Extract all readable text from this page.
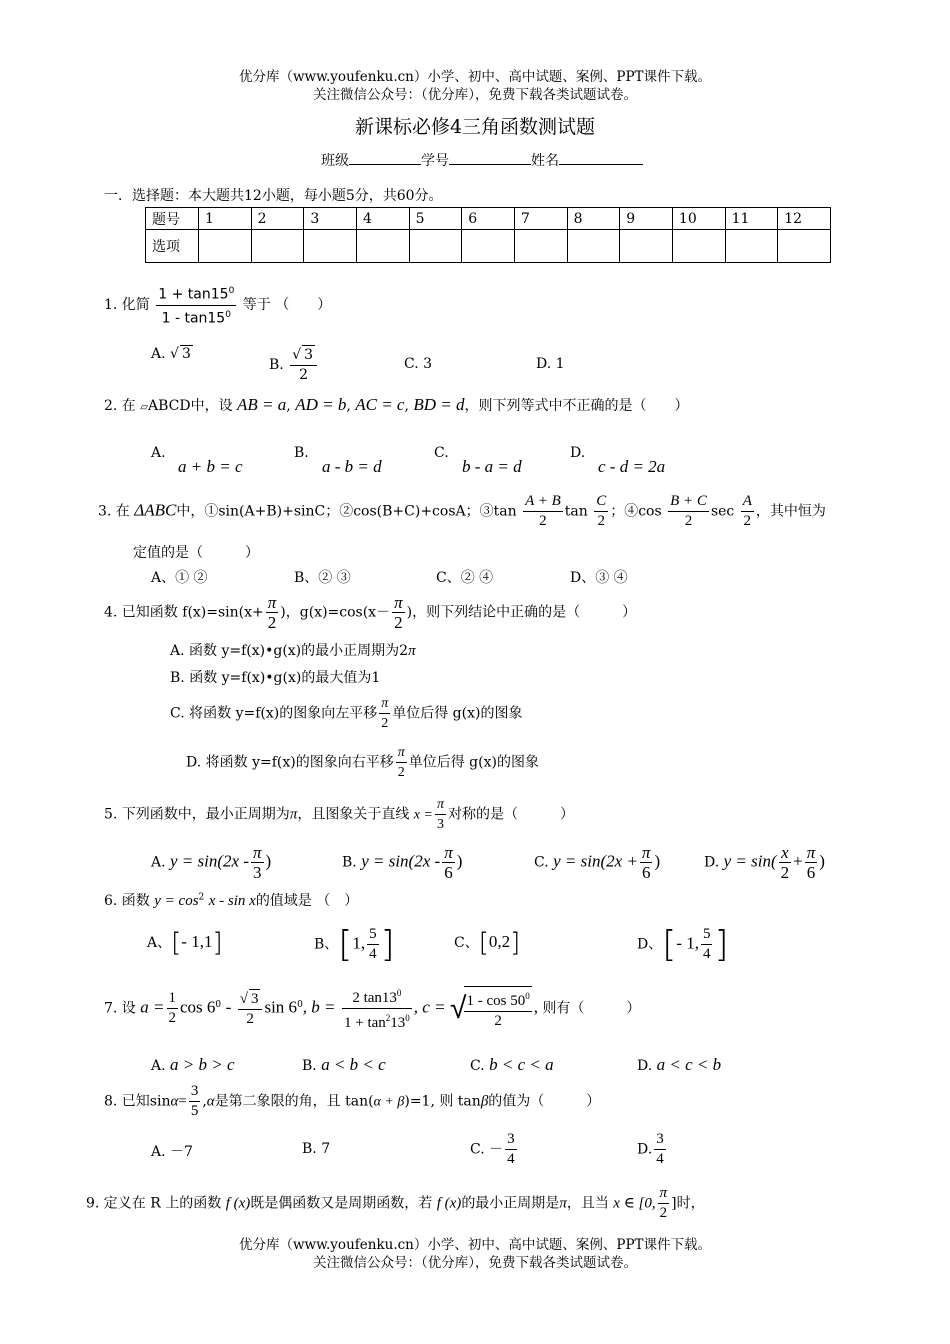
优分库（www.youfenku.cn）小学、初中、高中试题、案例、PPT课件下载。
关注微信公众号：（优分库），免费下载各类试题试卷。
新课标必修4三角函数测试题
班级	学号	姓名
一．选择题：本大题共12小题，每小题5分，共60分。
题号	1	2	3	4	5	6	7	8	9	10	11	12
选项												
1. 化简 $\frac{1 + \tan 15^0}{1 - \tan 15^0}$ 等于 （　　）
A. √ 3
B. $\frac{√ 3}{2}$	C. 3	D. 1
2. 在 ▱ABCD中，设 AB = a, AD = b, AC = c, BD = d，则下列等式中不正确的是（　　）
A.
a + b = c
B.
a - b = d
C.
b - a = d
D.
c - d = 2a
3. 在 ΔABC中，①sin(A+B)+sinC；②cos(B+C)+cosA；③tan $\frac{A + B}{2}$ $\tan \frac{C}{2}$ ；④cos $\frac{B + C}{2}$ $\sec \frac{A}{2}$ ，其中恒为
定值的是（　　　）
A、① ②	B、② ③	C、② ④	D、③ ④
4. 已知函数 $f(x)=\sin(x+ \frac{\pi}{2}$ )，$g(x)=\cos(x- \frac{\pi}{2}$ )，则下列结论中正确的是（　　　）
A. 函数 y=f(x)•g(x)的最小正周期为2π
B. 函数 y=f(x)•g(x)的最大值为1
C. 将函数 y=f(x)的图象向左平移 $\frac{\pi}{2}$ 单位后得 g(x)的图象
D. 将函数 y=f(x)的图象向右平移 $\frac{\pi}{2}$ 单位后得 g(x)的图象
5. 下列函数中，最小正周期为π，且图象关于直线 $x = \frac{\pi}{3}$ 对称的是（　　　）
A. $y = \sin(2x - \frac{\pi}{3}$ )	B. $y = \sin(2x - \frac{\pi}{6}$ )	C. $y = \sin(2x + \frac{\pi}{6}$ )	D. $y = \sin( \frac{x}{2} + \frac{\pi}{6}$ )
6. 函数 $y = \cos^2 x - \sin x$的值域是 （　）
A、[- 1,1]	B、[1, $\frac{5}{4}$ ]	C、[0,2]	D、[- 1, $\frac{5}{4}$ ]
7. 设 $a = \frac{1}{2}$ $\cos 6^0 - \frac{√ 3}{2}$ $\sin 6^0$, $b = \frac{2 \tan 13^0}{1 + \tan^213^0}$ , c = √
$\frac{1 - \cos 50^0}{2}$ , 则有（　　　）
A. a > b > c	B. a < b < c	C. b < c < a	D. a < c < b
8. 已知$\sin\alpha= \frac{3}{5} ,\alpha$是第二象限的角，且 tan(α + β)=1, 则 tanβ的值为（　　　）
A. －7	B. 7	C. － $\frac{3}{4}$	D. $\frac{3}{4}$
9. 定义在 R 上的函数 f (x)既是偶函数又是周期函数，若 f (x)的最小正周期是π，且当 x ∈ [0, $\frac{\pi}{2}$ ]时，
优分库（www.youfenku.cn）小学、初中、高中试题、案例、PPT课件下载。
关注微信公众号：（优分库），免费下载各类试题试卷。
